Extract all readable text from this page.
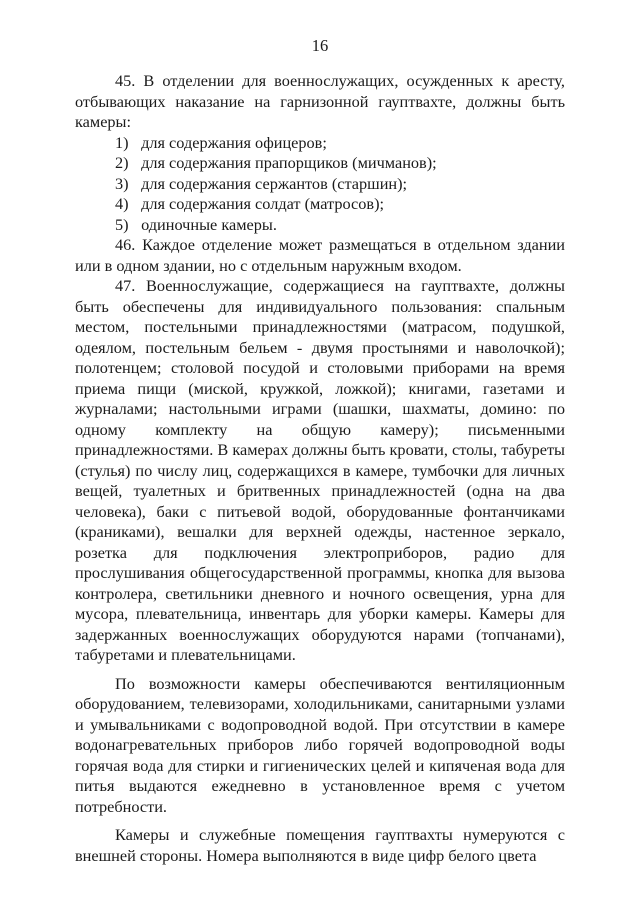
16

45. В отделении для военнослужащих, осужденных к аресту, отбывающих наказание на гарнизонной гауптвахте, должны быть камеры:

1) для содержания офицеров;

2) для содержания прапорщиков (мичманов);

3) для содержания сержантов (старшин);

4) для содержания солдат (матросов);

5) одиночные камеры.

46. Каждое отделение может размещаться в отдельном здании или в одном здании, но с отдельным наружным входом.

47. Военнослужащие, содержащиеся на гауптвахте, должны быть обеспечены для индивидуального пользования: спальным местом, постельными принадлежностями (матрасом, подушкой, одеялом, постельным бельем - двумя простынями и наволочкой); полотенцем; столовой посудой и столовыми приборами на время приема пищи (миской, кружкой, ложкой); книгами, газетами и журналами; настольными играми (шашки, шахматы, домино: по одному комплекту на общую камеру); письменными принадлежностями. В камерах должны быть кровати, столы, табуреты (стулья) по числу лиц, содержащихся в камере, тумбочки для личных вещей, туалетных и бритвенных принадлежностей (одна на два человека), баки с питьевой водой, оборудованные фонтанчиками (краниками), вешалки для верхней одежды, настенное зеркало, розетка для подключения электроприборов, радио для прослушивания общегосударственной программы, кнопка для вызова контролера, светильники дневного и ночного освещения, урна для мусора, плевательница, инвентарь для уборки камеры. Камеры для задержанных военнослужащих оборудуются нарами (топчанами), табуретами и плевательницами.

По возможности камеры обеспечиваются вентиляционным оборудованием, телевизорами, холодильниками, санитарными узлами и умывальниками с водопроводной водой. При отсутствии в камере водонагревательных приборов либо горячей водопроводной воды горячая вода для стирки и гигиенических целей и кипяченая вода для питья выдаются ежедневно в установленное время с учетом потребности.

Камеры и служебные помещения гауптвахты нумеруются с внешней стороны. Номера выполняются в виде цифр белого цвета
